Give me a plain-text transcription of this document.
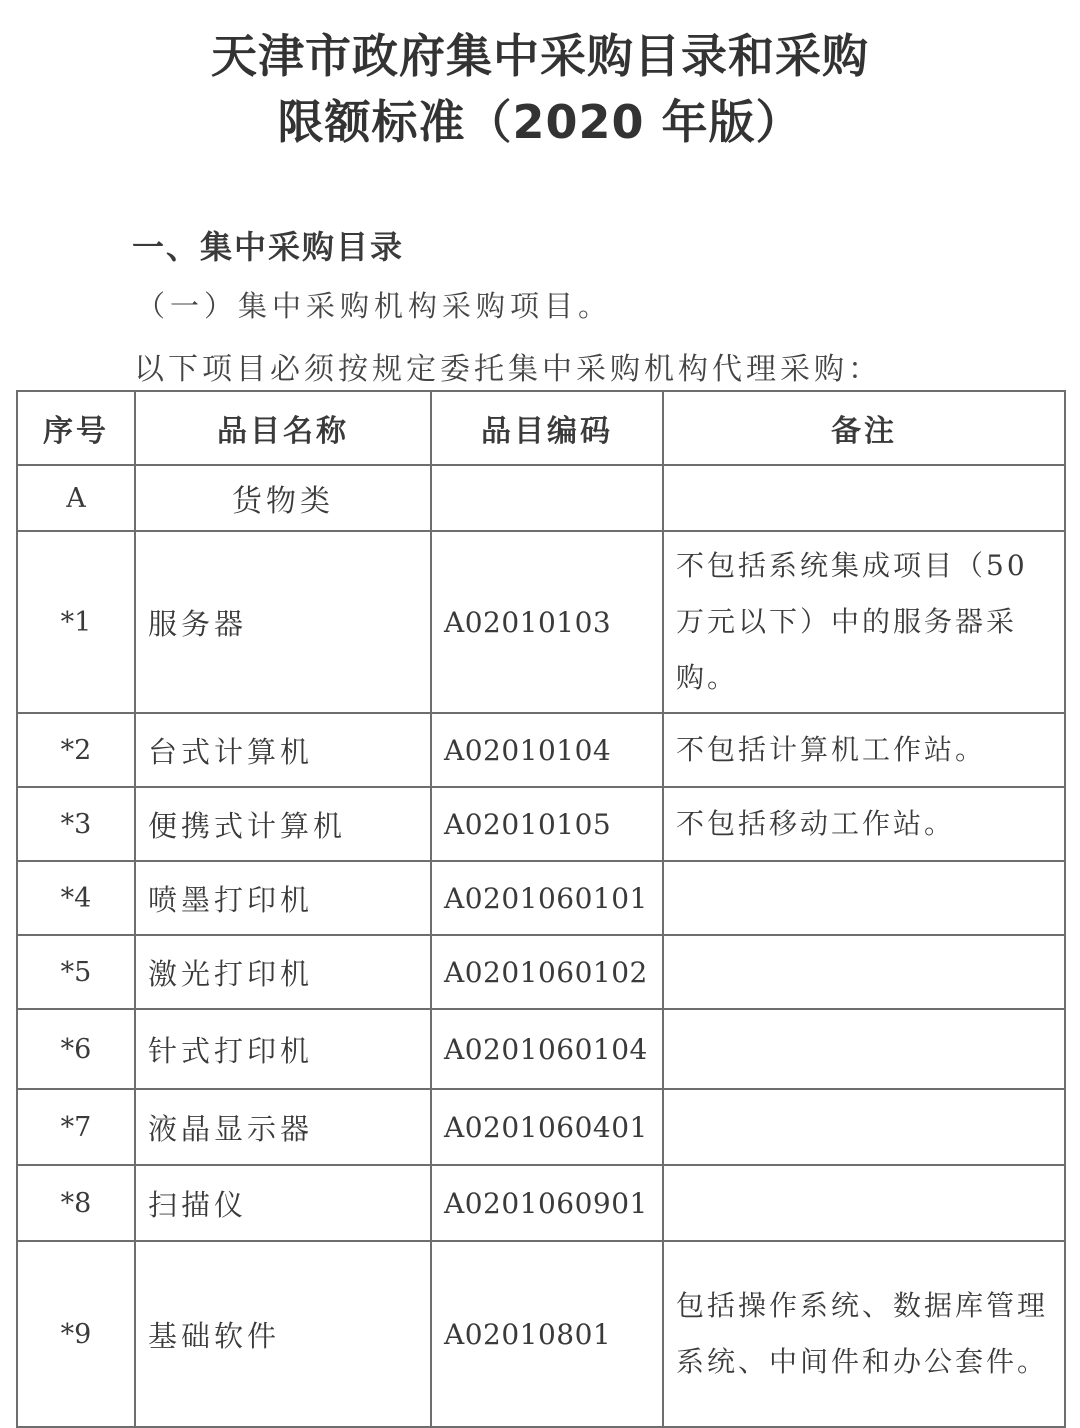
天津市政府集中采购目录和采购
限额标准（2020 年版）
一、集中采购目录
（一）集中采购机构采购项目。
以下项目必须按规定委托集中采购机构代理采购：
序号	品目名称	品目编码	备注
A	货物类		
*1	服务器	A02010103	不包括系统集成项目（50 万元以下）中的服务器采购。
*2	台式计算机	A02010104	不包括计算机工作站。
*3	便携式计算机	A02010105	不包括移动工作站。
*4	喷墨打印机	A0201060101	
*5	激光打印机	A0201060102	
*6	针式打印机	A0201060104	
*7	液晶显示器	A0201060401	
*8	扫描仪	A0201060901	
*9	基础软件	A02010801	包括操作系统、数据库管理系统、中间件和办公套件。
